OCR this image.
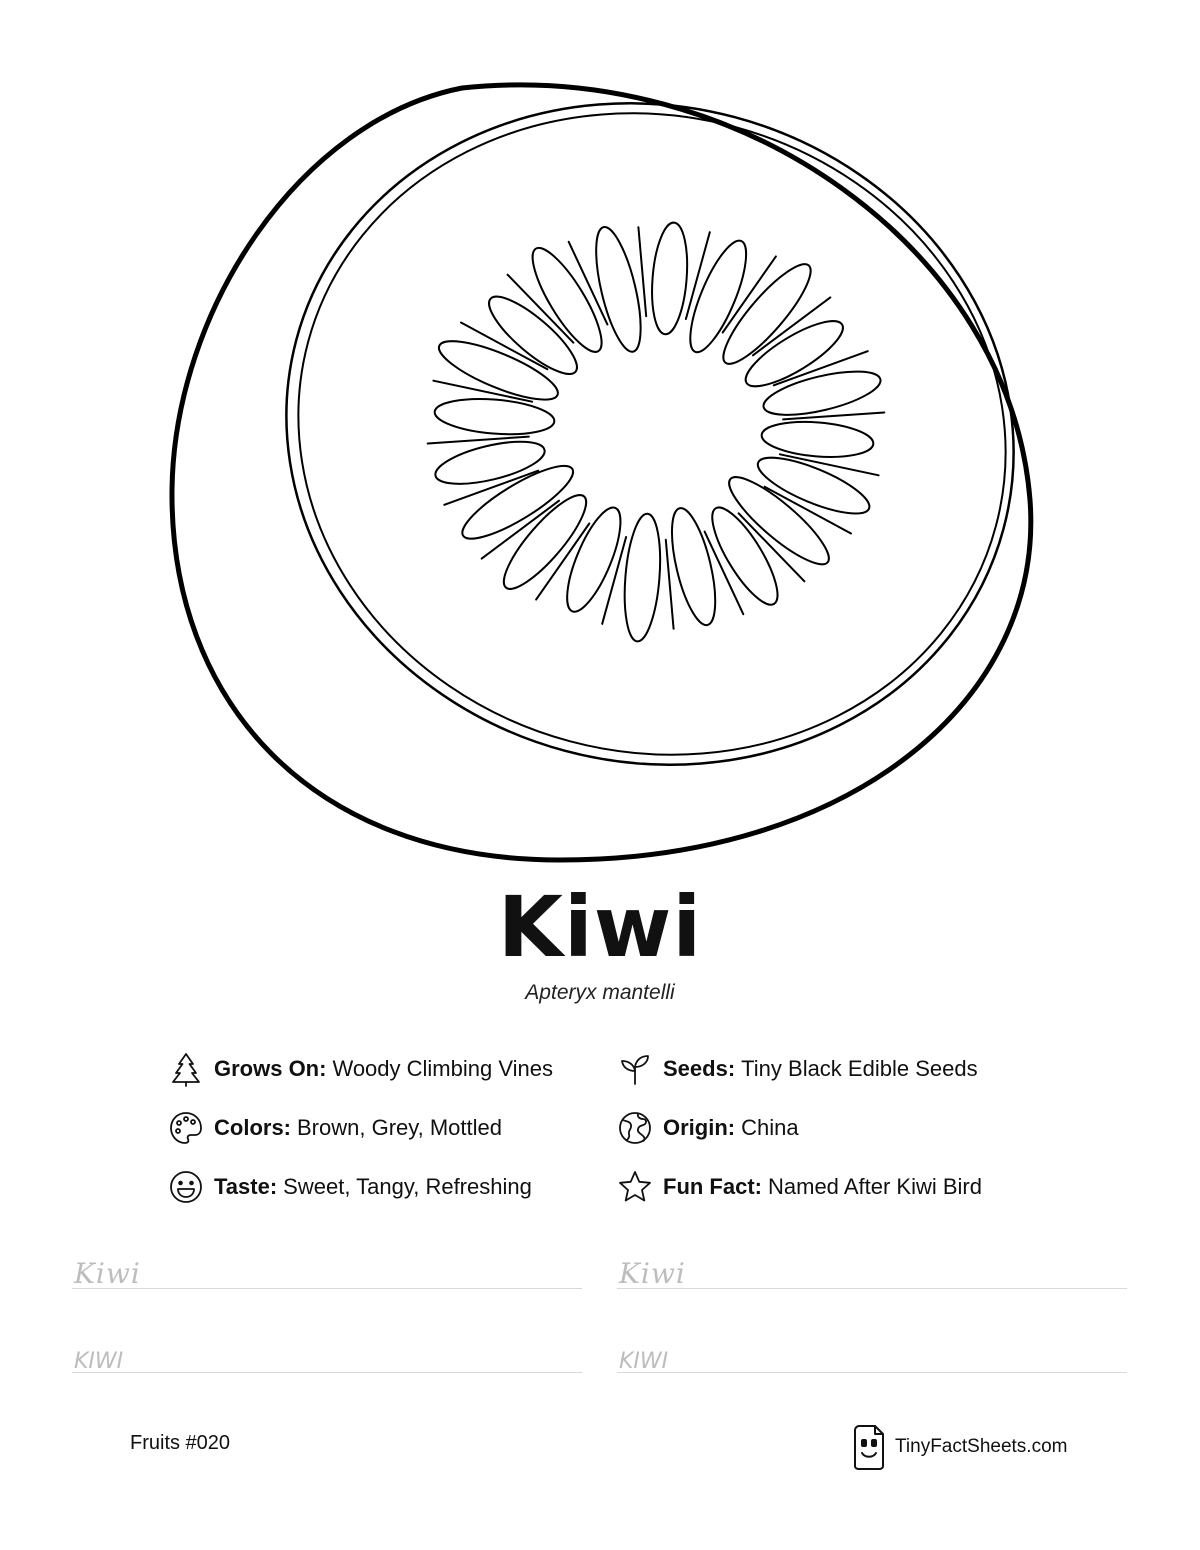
Kiwi
Apteryx mantelli
Grows On: Woody Climbing Vines	Seeds: Tiny Black Edible Seeds
Colors: Brown, Grey, Mottled	Origin: China
Taste: Sweet, Tangy, Refreshing	Fun Fact: Named After Kiwi Bird
Kiwi	Kiwi
KIWI	KIWI
Fruits #020	TinyFactSheets.com
